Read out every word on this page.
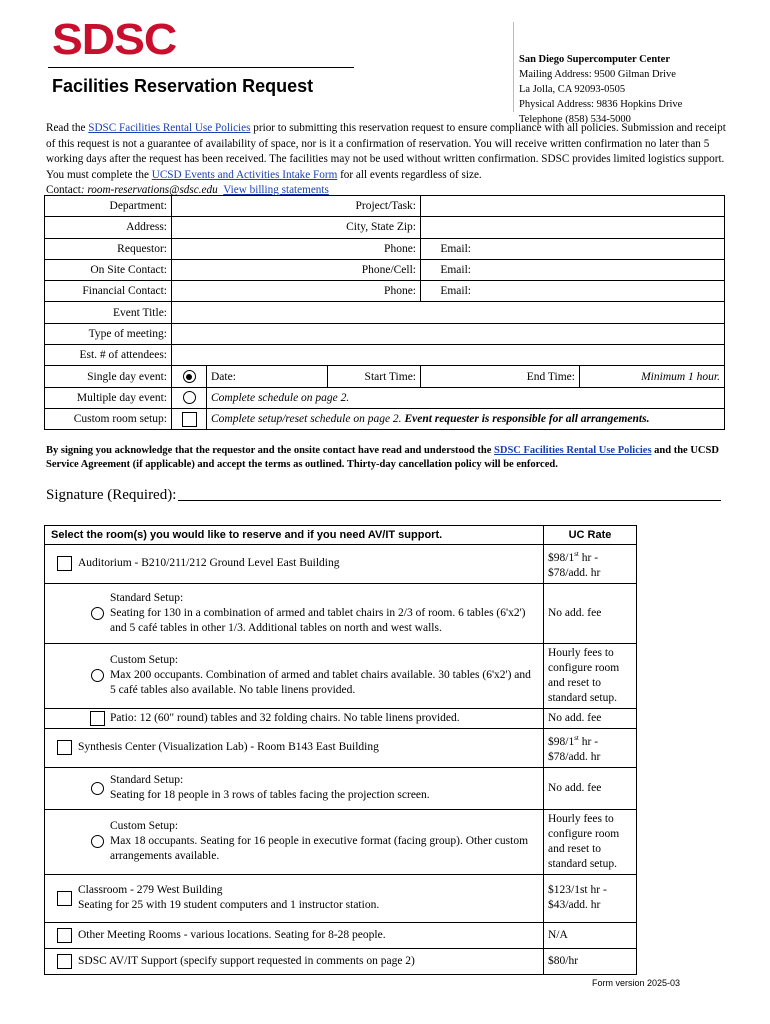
SDSC
Facilities Reservation Request
San Diego Supercomputer Center
Mailing Address: 9500 Gilman Drive
La Jolla, CA 92093-0505
Physical Address: 9836 Hopkins Drive
Telephone (858) 534-5000
Read the SDSC Facilities Rental Use Policies prior to submitting this reservation request to ensure compliance with all policies. Submission and receipt of this request is not a guarantee of availability of space, nor is it a confirmation of reservation. You will receive written confirmation no later than 5 working days after the request has been received. The facilities may not be used without written confirmation. SDSC provides limited logistics support. You must complete the UCSD Events and Activities Intake Form for all events regardless of size.
Contact: room-reservations@sdsc.edu View billing statements
Department:	Project/Task:				
Address:	City, State Zip:				
Requestor:	Phone:			Email:	
On Site Contact:	Phone/Cell:			Email:	
Financial Contact:	Phone:			Email:	
Event Title:					
Type of meeting:					
Est. # of attendees:					
Single day event:		Date:	Start Time:	End Time:	Minimum 1 hour.
Multiple day event:		Complete schedule on page 2.			
Custom room setup:		Complete setup/reset schedule on page 2. Event requester is responsible for all arrangements.			
By signing you acknowledge that the requestor and the onsite contact have read and understood the SDSC Facilities Rental Use Policies and the UCSD Service Agreement (if applicable) and accept the terms as outlined. Thirty-day cancellation policy will be enforced.
Signature (Required):
Select the room(s) you would like to reserve and if you need AV/IT support.	UC Rate

Auditorium - B210/211/212 Ground Level East Building	$98/1st hr - $78/add. hr

Standard Setup:
Seating for 130 in a combination of armed and tablet chairs in 2/3 of room. 6 tables (6'x2') and 5 café tables in other 1/3. Additional tables on north and west walls.	No add. fee

Custom Setup:
Max 200 occupants. Combination of armed and tablet chairs available. 30 tables (6'x2') and 5 café tables also available. No table linens provided.	Hourly fees to configure room and reset to standard setup.

Patio: 12 (60" round) tables and 32 folding chairs. No table linens provided.	No add. fee

Synthesis Center (Visualization Lab) - Room B143 East Building	$98/1st hr - $78/add. hr

Standard Setup:
Seating for 18 people in 3 rows of tables facing the projection screen.	No add. fee

Custom Setup:
Max 18 occupants. Seating for 16 people in executive format (facing group). Other custom arrangements available.	Hourly fees to configure room and reset to standard setup.

Classroom - 279 West Building
Seating for 25 with 19 student computers and 1 instructor station.	$123/1st hr - $43/add. hr

Other Meeting Rooms - various locations. Seating for 8-28 people.	N/A

SDSC AV/IT Support (specify support requested in comments on page 2)	$80/hr
Form version 2025-03
